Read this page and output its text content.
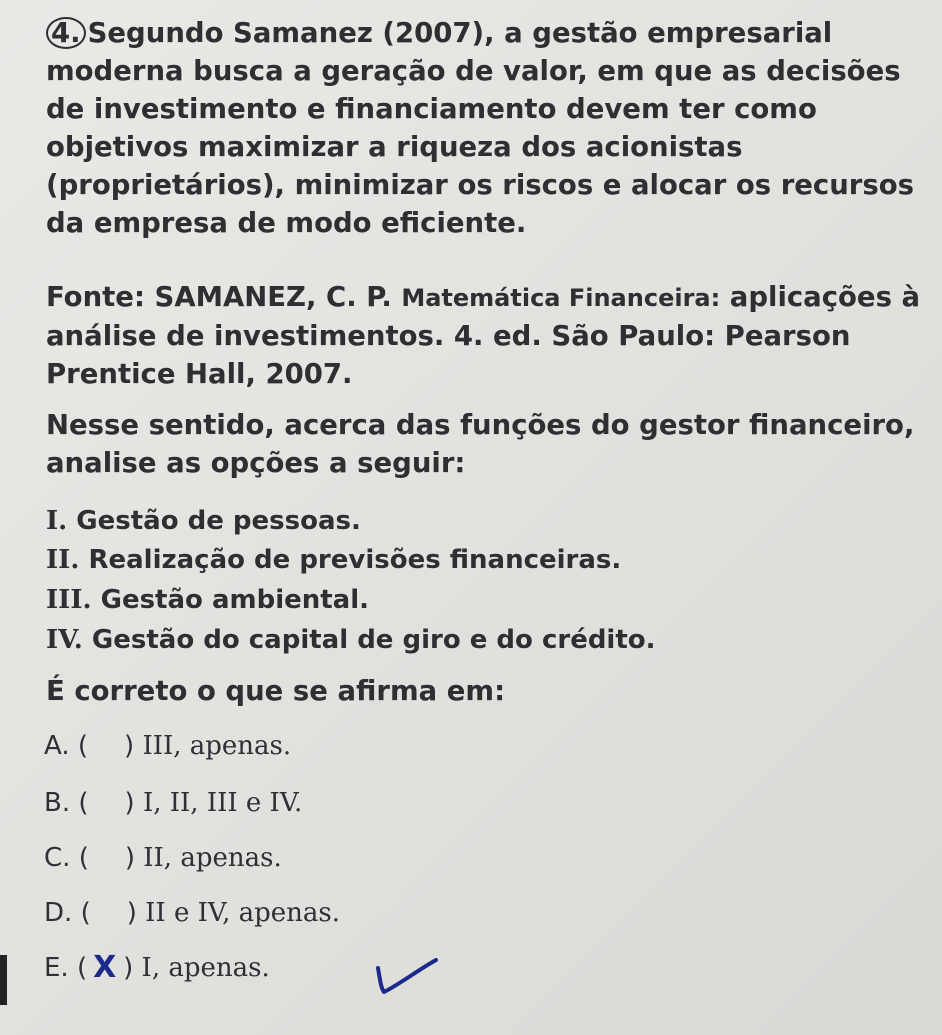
4. Segundo Samanez (2007), a gestão empresarial moderna busca a geração de valor, em que as decisões de investimento e financiamento devem ter como objetivos maximizar a riqueza dos acionistas (proprietários), minimizar os riscos e alocar os recursos da empresa de modo eficiente.

Fonte: SAMANEZ, C. P. Matemática Financeira: aplicações à análise de investimentos. 4. ed. São Paulo: Pearson Prentice Hall, 2007.

Nesse sentido, acerca das funções do gestor financeiro, analise as opções a seguir:

I. Gestão de pessoas.
II. Realização de previsões financeiras.
III. Gestão ambiental.
IV. Gestão do capital de giro e do crédito.

É correto o que se afirma em:

A. ( ) III, apenas.
B. ( ) I, II, III e IV.
C. ( ) II, apenas.
D. ( ) II e IV, apenas.
E. ( X ) I, apenas.
